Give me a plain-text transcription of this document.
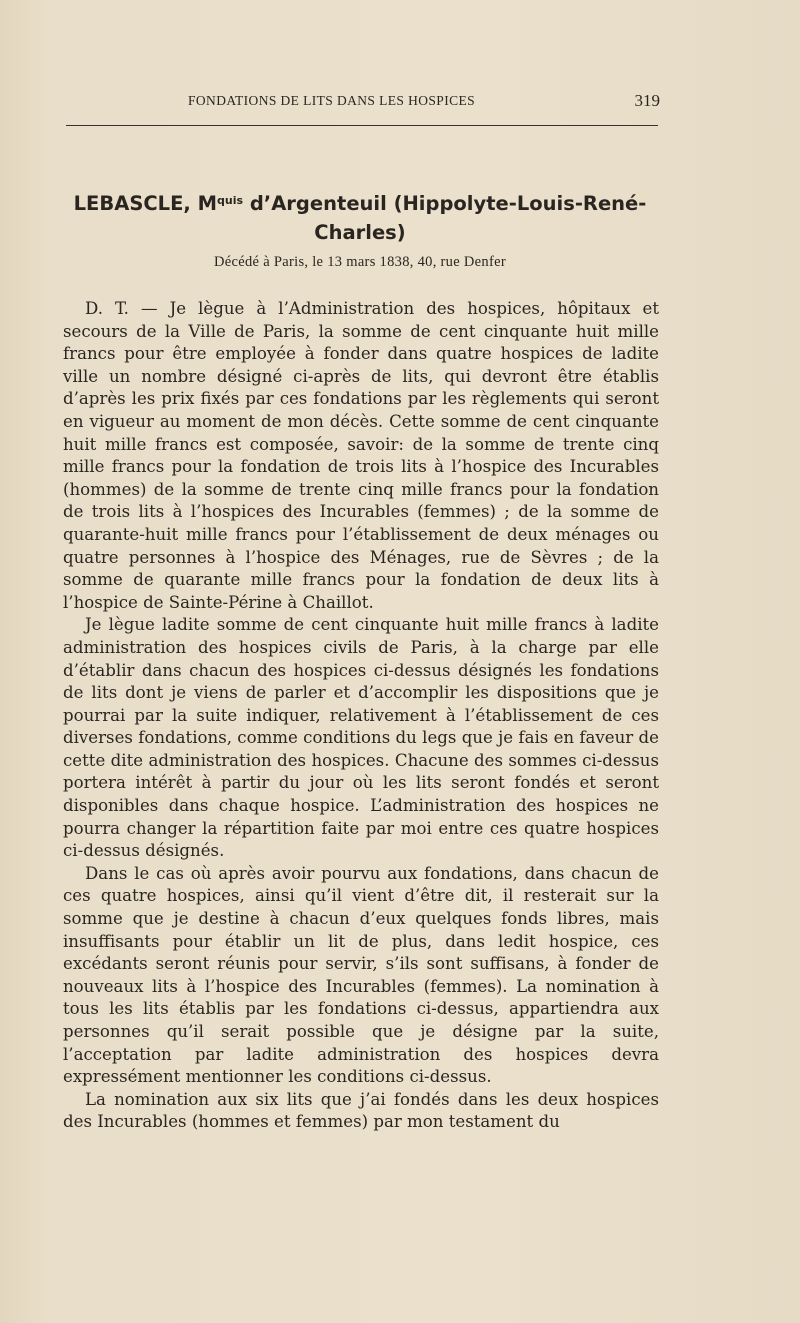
FONDATIONS DE LITS DANS LES HOSPICES	319
LEBASCLE, $M^{quis}$ d’Argenteuil (Hippolyte-Louis-René-Charles)
Décédé à Paris, le 13 mars 1838, 40, rue Denfer

D. T. — Je lègue à l’Administration des hospices, hôpitaux et secours de la Ville de Paris, la somme de cent cinquante huit mille francs pour être employée à fonder dans quatre hospices de ladite ville un nombre désigné ci-après de lits, qui devront être établis d’après les prix fixés par ces fondations par les règlements qui seront en vigueur au moment de mon décès. Cette somme de cent cinquante huit mille francs est composée, savoir: de la somme de trente cinq mille francs pour la fondation de trois lits à l’hospice des Incurables (hommes) de la somme de trente cinq mille francs pour la fondation de trois lits à l’hospices des Incurables (femmes) ; de la somme de quarante-huit mille francs pour l’établissement de deux ménages ou quatre personnes à l’hospice des Ménages, rue de Sèvres ; de la somme de quarante mille francs pour la fondation de deux lits à l’hospice de Sainte-Périne à Chaillot.

Je lègue ladite somme de cent cinquante huit mille francs à ladite administration des hospices civils de Paris, à la charge par elle d’établir dans chacun des hospices ci-dessus désignés les fondations de lits dont je viens de parler et d’accomplir les dispositions que je pourrai par la suite indiquer, relativement à l’établissement de ces diverses fondations, comme conditions du legs que je fais en faveur de cette dite administration des hospices. Chacune des sommes ci-dessus portera intérêt à partir du jour où les lits seront fondés et seront disponibles dans chaque hospice. L’administration des hospices ne pourra changer la répartition faite par moi entre ces quatre hospices ci-dessus désignés.

Dans le cas où après avoir pourvu aux fondations, dans chacun de ces quatre hospices, ainsi qu’il vient d’être dit, il resterait sur la somme que je destine à chacun d’eux quelques fonds libres, mais insuffisants pour établir un lit de plus, dans ledit hospice, ces excédants seront réunis pour servir, s’ils sont suffisans, à fonder de nouveaux lits à l’hospice des Incurables (femmes). La nomination à tous les lits établis par les fondations ci-dessus, appartiendra aux personnes qu’il serait possible que je désigne par la suite, l’acceptation par ladite administration des hospices devra expressément mentionner les conditions ci-dessus.

La nomination aux six lits que j’ai fondés dans les deux hospices des Incurables (hommes et femmes) par mon testament du
